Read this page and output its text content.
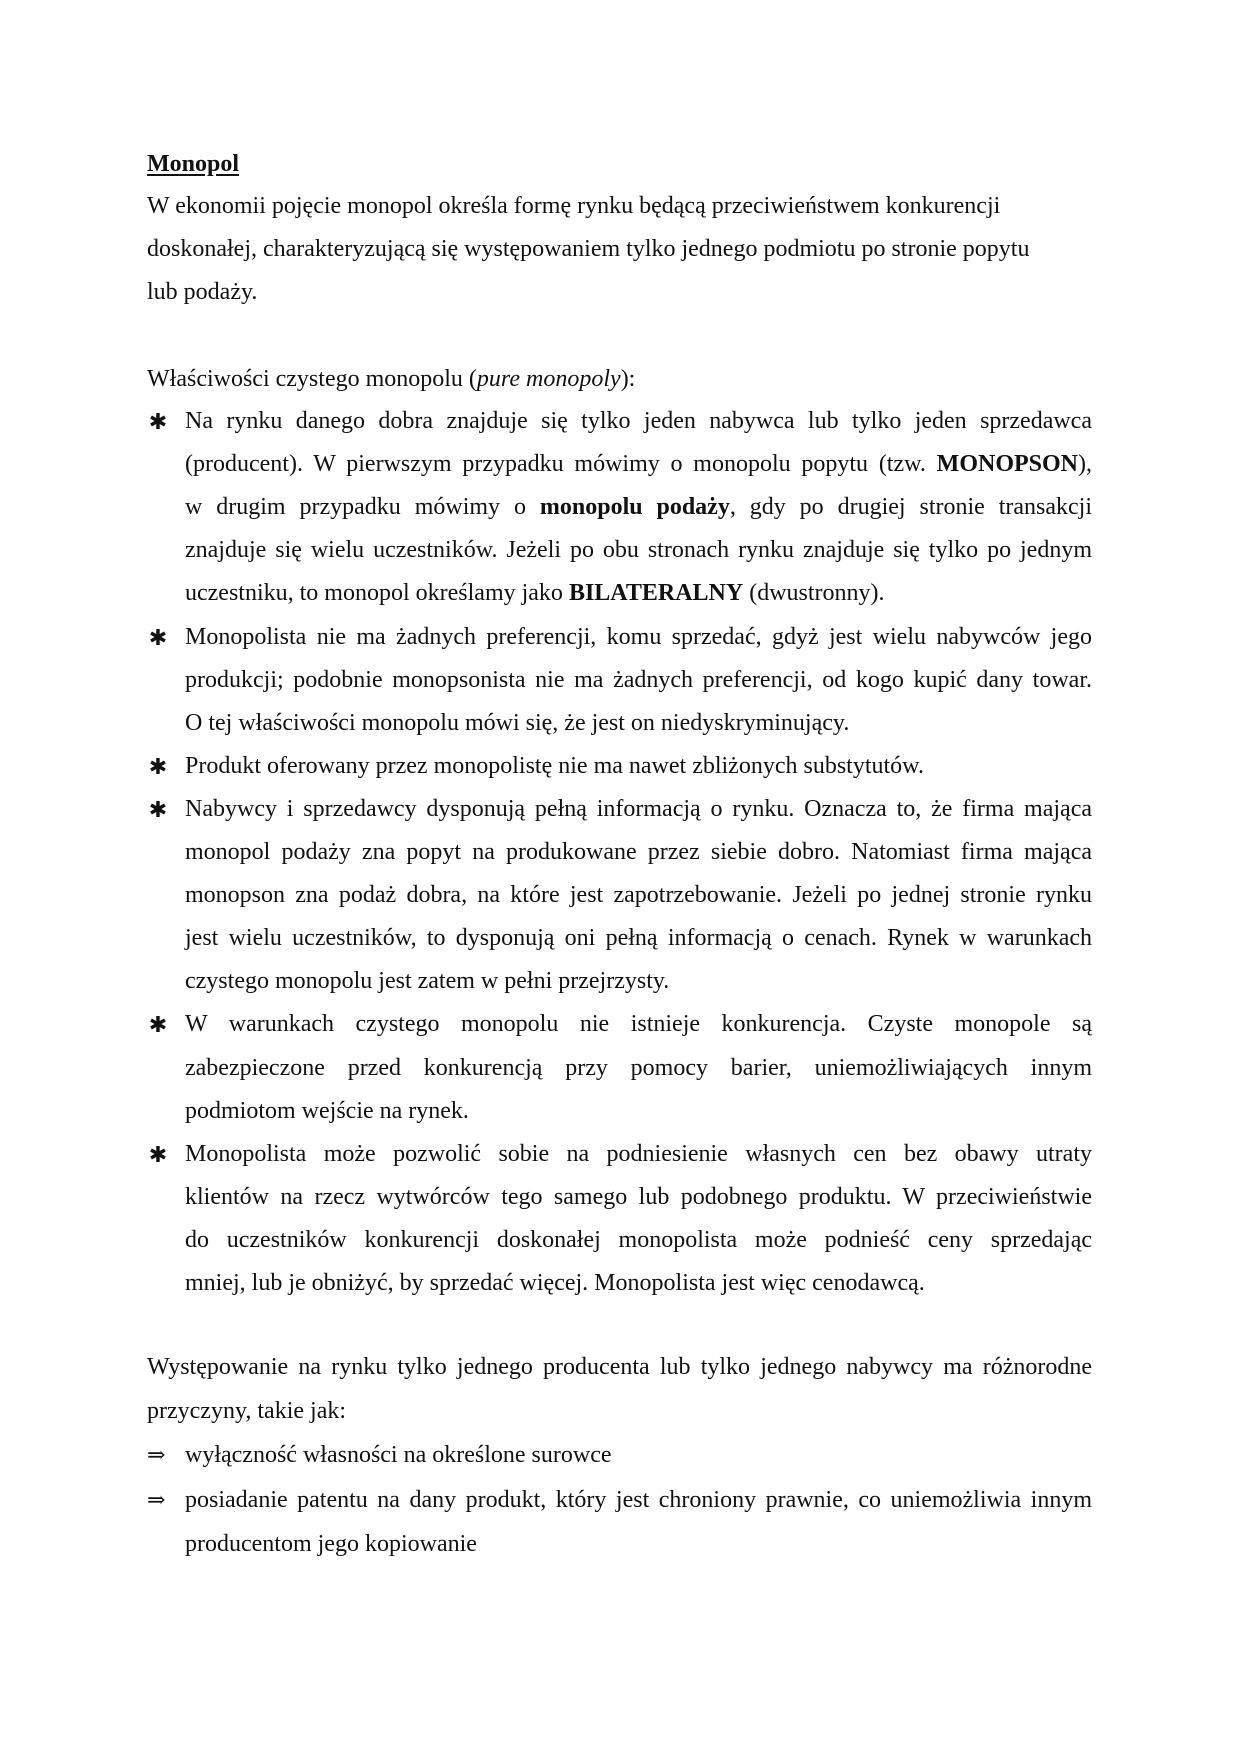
Monopol
W ekonomii pojęcie monopol określa formę rynku będącą przeciwieństwem konkurencji
doskonałej, charakteryzującą się występowaniem tylko jednego podmiotu po stronie popytu
lub podaży.
Właściwości czystego monopolu (pure monopoly):
✱ Na rynku danego dobra znajduje się tylko jeden nabywca lub tylko jeden sprzedawca
(producent). W pierwszym przypadku mówimy o monopolu popytu (tzw. MONOPSON),
w drugim przypadku mówimy o monopolu podaży, gdy po drugiej stronie transakcji
znajduje się wielu uczestników. Jeżeli po obu stronach rynku znajduje się tylko po jednym
uczestniku, to monopol określamy jako BILATERALNY (dwustronny).
✱ Monopolista nie ma żadnych preferencji, komu sprzedać, gdyż jest wielu nabywców jego
produkcji; podobnie monopsonista nie ma żadnych preferencji, od kogo kupić dany towar.
O tej właściwości monopolu mówi się, że jest on niedyskryminujący.
✱ Produkt oferowany przez monopolistę nie ma nawet zbliżonych substytutów.
✱ Nabywcy i sprzedawcy dysponują pełną informacją o rynku. Oznacza to, że firma mająca
monopol podaży zna popyt na produkowane przez siebie dobro. Natomiast firma mająca
monopson zna podaż dobra, na które jest zapotrzebowanie. Jeżeli po jednej stronie rynku
jest wielu uczestników, to dysponują oni pełną informacją o cenach. Rynek w warunkach
czystego monopolu jest zatem w pełni przejrzysty.
✱ W warunkach czystego monopolu nie istnieje konkurencja. Czyste monopole są
zabezpieczone przed konkurencją przy pomocy barier, uniemożliwiających innym
podmiotom wejście na rynek.
✱ Monopolista może pozwolić sobie na podniesienie własnych cen bez obawy utraty
klientów na rzecz wytwórców tego samego lub podobnego produktu. W przeciwieństwie
do uczestników konkurencji doskonałej monopolista może podnieść ceny sprzedając
mniej, lub je obniżyć, by sprzedać więcej. Monopolista jest więc cenodawcą.
Występowanie na rynku tylko jednego producenta lub tylko jednego nabywcy ma różnorodne
przyczyny, takie jak:
⇒ wyłączność własności na określone surowce
⇒ posiadanie patentu na dany produkt, który jest chroniony prawnie, co uniemożliwia innym
producentom jego kopiowanie
